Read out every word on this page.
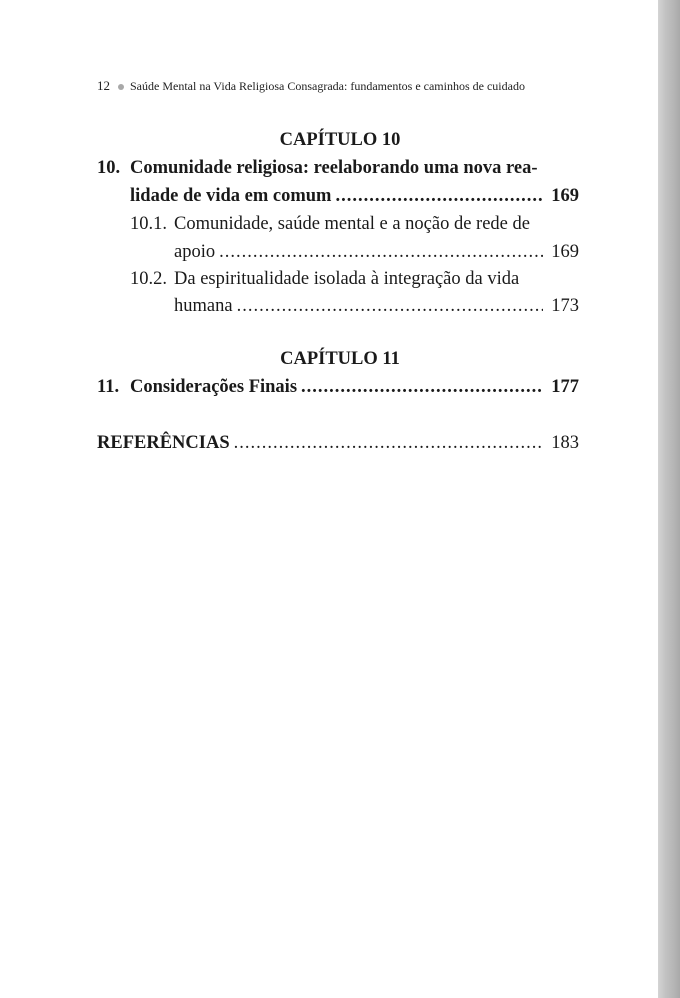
12 Saúde Mental na Vida Religiosa Consagrada: fundamentos e caminhos de cuidado
CAPÍTULO 10
10. Comunidade religiosa: reelaborando uma nova rea-
lidade de vida em comum .....	169
10.1. Comunidade, saúde mental e a noção de rede de
apoio .....	169
10.2. Da espiritualidade isolada à integração da vida
humana .....	173
CAPÍTULO 11
11. Considerações Finais .....	177
REFERÊNCIAS .....	183
